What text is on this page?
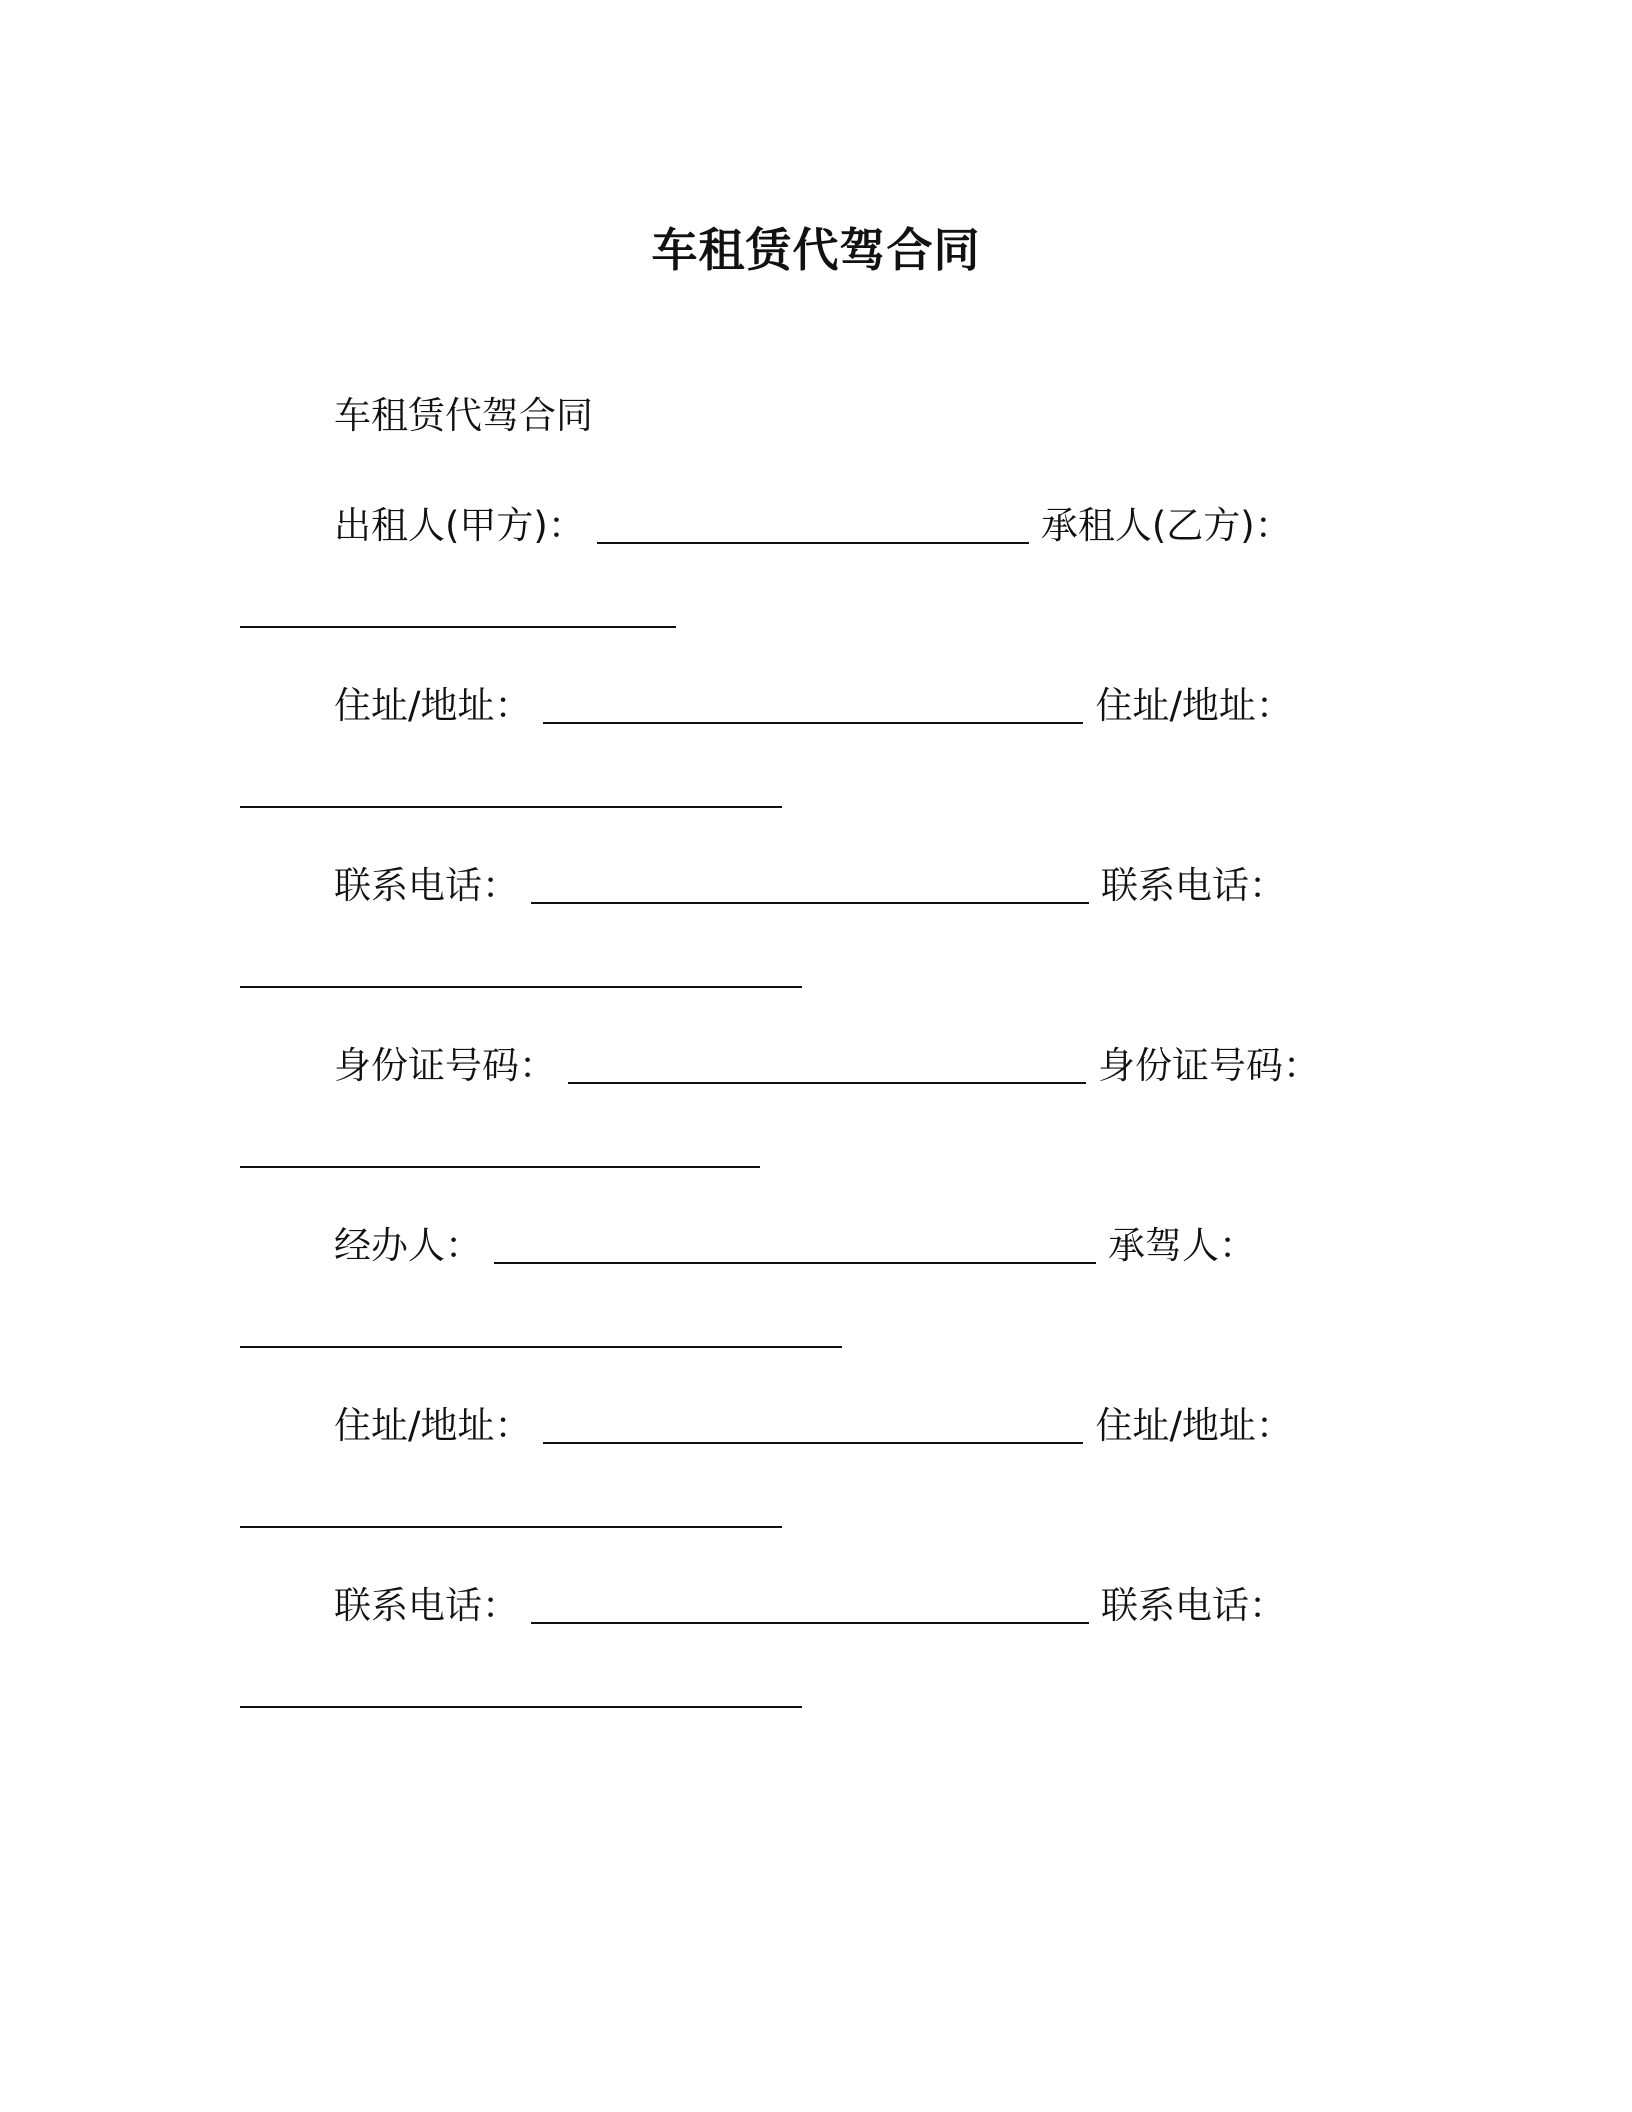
车租赁代驾合同
车租赁代驾合同
出租人(甲方)：	承租人(乙方)：
住址/地址：	住址/地址：
联系电话：	联系电话：
身份证号码：	身份证号码：
经办人：	承驾人：
住址/地址：	住址/地址：
联系电话：	联系电话：
